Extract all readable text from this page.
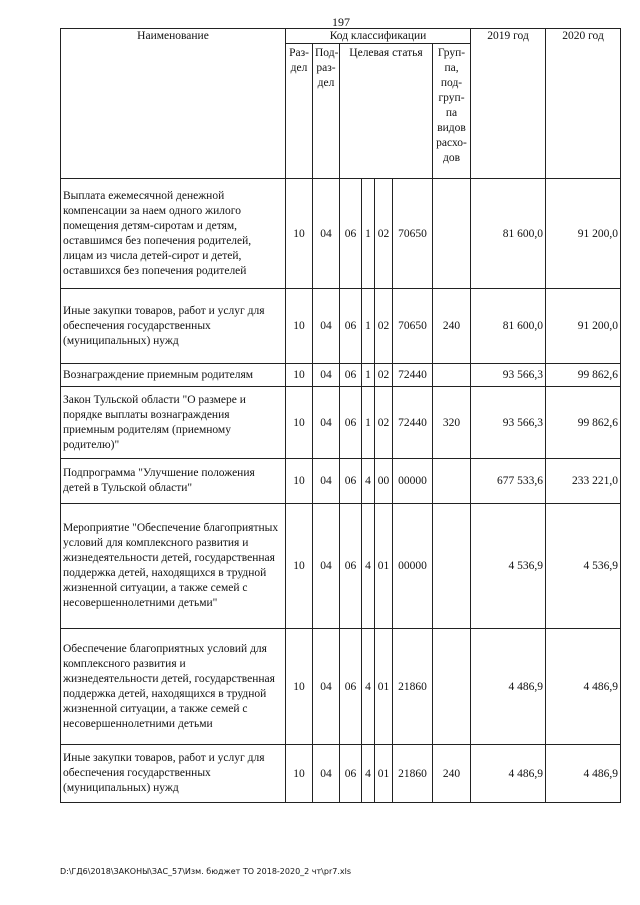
197
Наименование	Код классификации							2019 год	2020 год
	Раз-дел	Под-раз-дел	Целевая статья				Груп-па, под-груп-па видов расхо-дов		
Выплата ежемесячной денежной компенсации за наем одного жилого помещения детям-сиротам и детям, оставшимся без попечения родителей, лицам из числа детей-сирот и детей, оставшихся без попечения родителей	10	04	06	1	02	70650		81 600,0	91 200,0
Иные закупки товаров, работ и услуг для обеспечения государственных (муниципальных) нужд	10	04	06	1	02	70650	240	81 600,0	91 200,0
Вознаграждение приемным родителям	10	04	06	1	02	72440		93 566,3	99 862,6
Закон Тульской области "О размере и порядке выплаты вознаграждения приемным родителям (приемному родителю)"	10	04	06	1	02	72440	320	93 566,3	99 862,6
Подпрограмма "Улучшение положения детей в Тульской области"	10	04	06	4	00	00000		677 533,6	233 221,0
Мероприятие "Обеспечение благоприятных условий для комплексного развития и жизнедеятельности детей, государственная поддержка детей, находящихся в трудной жизненной ситуации, а также семей с несовершеннолетними детьми"	10	04	06	4	01	00000		4 536,9	4 536,9
Обеспечение благоприятных условий для комплексного развития и жизнедеятельности детей, государственная поддержка детей, находящихся в трудной жизненной ситуации, а также семей с несовершеннолетними детьми	10	04	06	4	01	21860		4 486,9	4 486,9
Иные закупки товаров, работ и услуг для обеспечения государственных (муниципальных) нужд	10	04	06	4	01	21860	240	4 486,9	4 486,9
D:\ГД6\2018\ЗАКОНЫ\ЗАС_57\Изм. бюджет ТО 2018-2020_2 чт\pr7.xls
